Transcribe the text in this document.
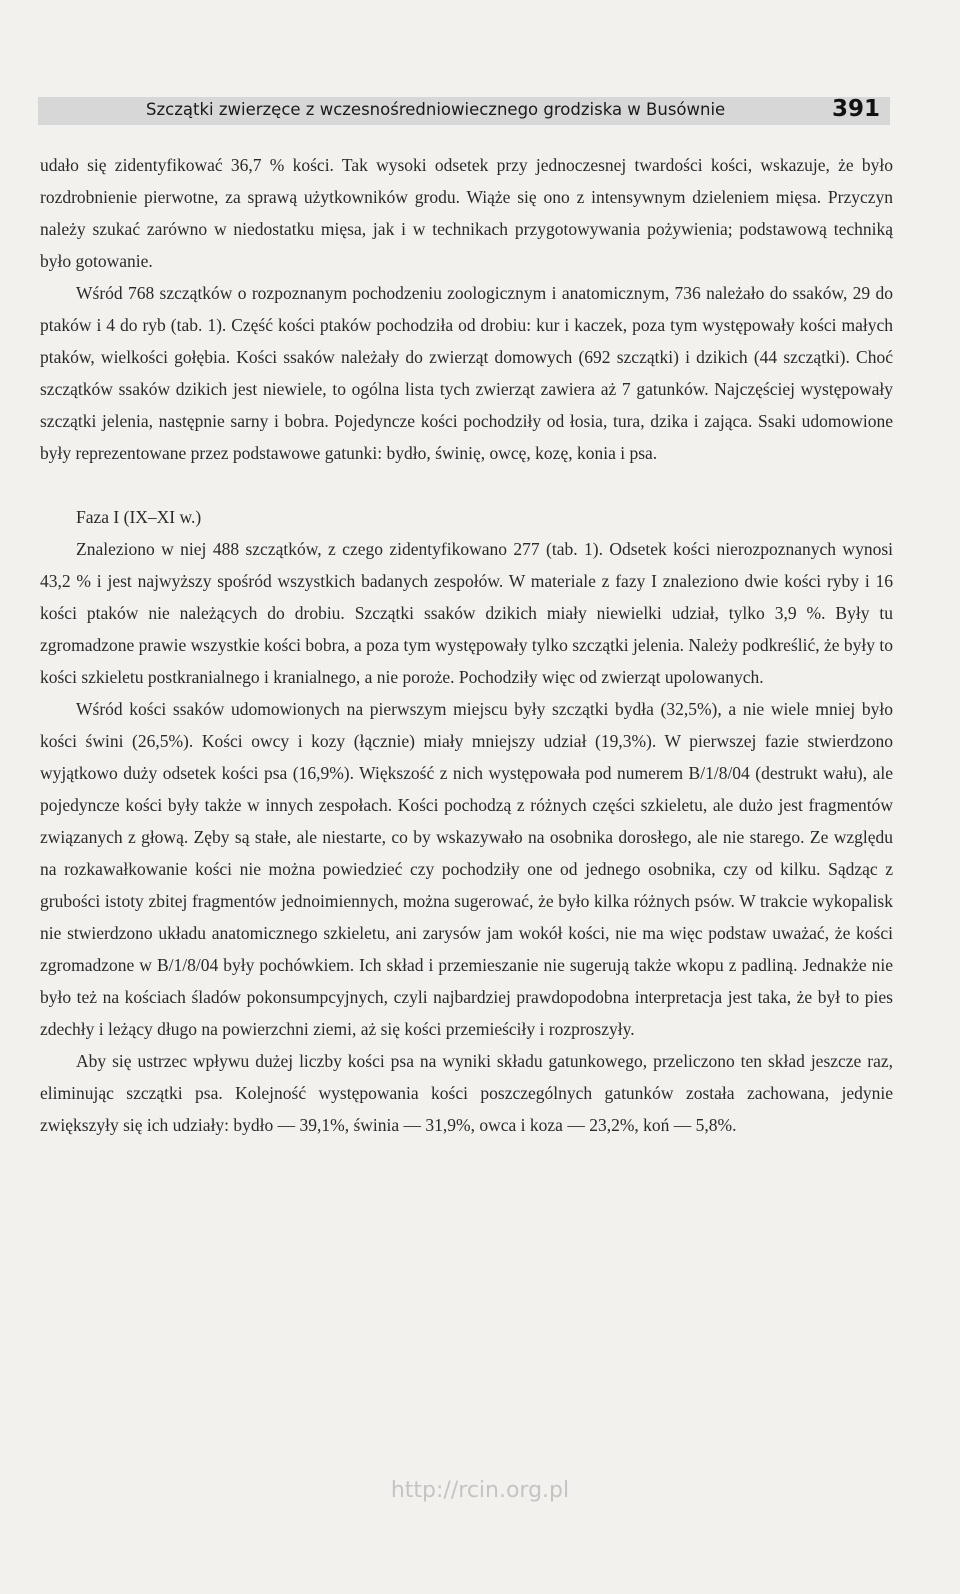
Szczątki zwierzęce z wczesnośredniowiecznego grodziska w Busównie	391

udało się zidentyfikować 36,7 % kości. Tak wysoki odsetek przy jednoczesnej twardości kości, wskazuje, że było rozdrobnienie pierwotne, za sprawą użytkowników grodu. Wiąże się ono z intensywnym dzieleniem mięsa. Przyczyn należy szukać zarówno w niedostatku mięsa, jak i w technikach przygotowywania pożywienia; podstawową techniką było gotowanie.

Wśród 768 szczątków o rozpoznanym pochodzeniu zoologicznym i anatomicznym, 736 należało do ssaków, 29 do ptaków i 4 do ryb (tab. 1). Część kości ptaków pochodziła od drobiu: kur i kaczek, poza tym występowały kości małych ptaków, wielkości gołębia. Kości ssaków należały do zwierząt domowych (692 szczątki) i dzikich (44 szczątki). Choć szczątków ssaków dzikich jest niewiele, to ogólna lista tych zwierząt zawiera aż 7 gatunków. Najczęściej występowały szczątki jelenia, następnie sarny i bobra. Pojedyncze kości pochodziły od łosia, tura, dzika i zająca. Ssaki udomowione były reprezentowane przez podstawowe gatunki: bydło, świnię, owcę, kozę, konia i psa.

Faza I (IX–XI w.)

Znaleziono w niej 488 szczątków, z czego zidentyfikowano 277 (tab. 1). Odsetek kości nierozpoznanych wynosi 43,2 % i jest najwyższy spośród wszystkich badanych zespołów. W materiale z fazy I znaleziono dwie kości ryby i 16 kości ptaków nie należących do drobiu. Szczątki ssaków dzikich miały niewielki udział, tylko 3,9 %. Były tu zgromadzone prawie wszystkie kości bobra, a poza tym występowały tylko szczątki jelenia. Należy podkreślić, że były to kości szkieletu postkranialnego i kranialnego, a nie poroże. Pochodziły więc od zwierząt upolowanych.

Wśród kości ssaków udomowionych na pierwszym miejscu były szczątki bydła (32,5%), a nie wiele mniej było kości świni (26,5%). Kości owcy i kozy (łącznie) miały mniejszy udział (19,3%). W pierwszej fazie stwierdzono wyjątkowo duży odsetek kości psa (16,9%). Większość z nich występowała pod numerem B/1/8/04 (destrukt wału), ale pojedyncze kości były także w innych zespołach. Kości pochodzą z różnych części szkieletu, ale dużo jest fragmentów związanych z głową. Zęby są stałe, ale niestarte, co by wskazywało na osobnika dorosłego, ale nie starego. Ze względu na rozkawałkowanie kości nie można powiedzieć czy pochodziły one od jednego osobnika, czy od kilku. Sądząc z grubości istoty zbitej fragmentów jednoimiennych, można sugerować, że było kilka różnych psów. W trakcie wykopalisk nie stwierdzono układu anatomicznego szkieletu, ani zarysów jam wokół kości, nie ma więc podstaw uważać, że kości zgromadzone w B/1/8/04 były pochówkiem. Ich skład i przemieszanie nie sugerują także wkopu z padliną. Jednakże nie było też na kościach śladów pokonsumpcyjnych, czyli najbardziej prawdopodobna interpretacja jest taka, że był to pies zdechły i leżący długo na powierzchni ziemi, aż się kości przemieściły i rozproszyły.

Aby się ustrzec wpływu dużej liczby kości psa na wyniki składu gatunkowego, przeliczono ten skład jeszcze raz, eliminując szczątki psa. Kolejność występowania kości poszczególnych gatunków została zachowana, jedynie zwiększyły się ich udziały: bydło — 39,1%, świnia — 31,9%, owca i koza — 23,2%, koń — 5,8%.

http://rcin.org.pl
